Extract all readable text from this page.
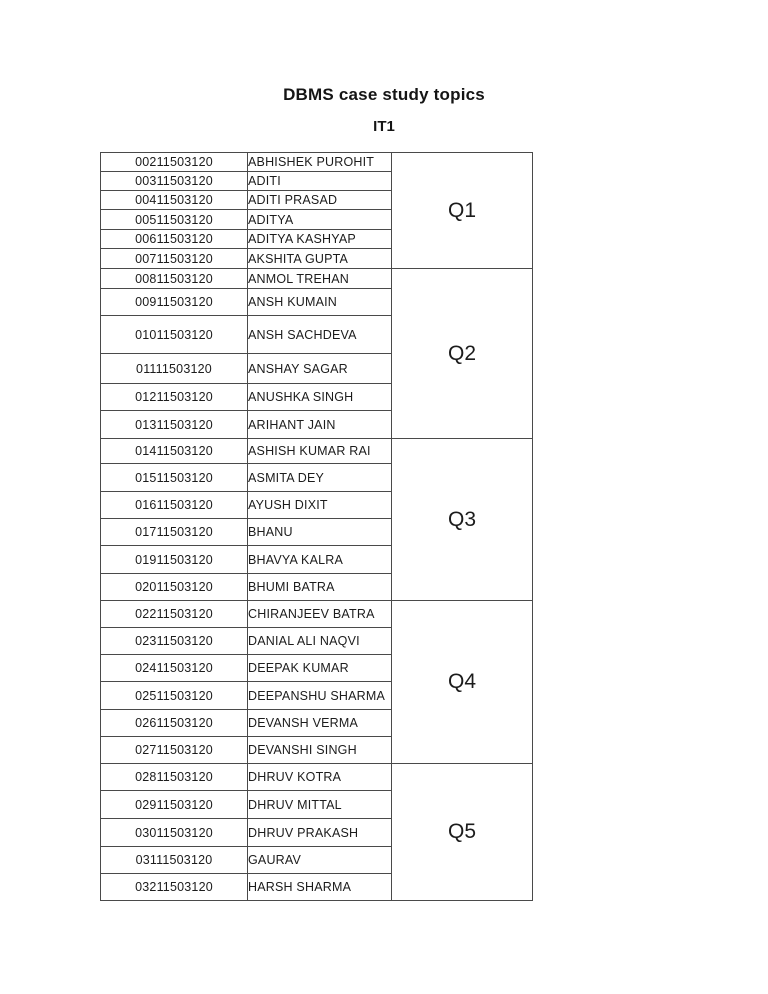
DBMS case study topics
IT1
00211503120	ABHISHEK PUROHIT	Q1
00311503120	ADITI	
00411503120	ADITI PRASAD	
00511503120	ADITYA	
00611503120	ADITYA KASHYAP	
00711503120	AKSHITA GUPTA	
00811503120	ANMOL TREHAN	Q2
00911503120	ANSH KUMAIN	
01011503120	ANSH SACHDEVA	
01111503120	ANSHAY SAGAR	
01211503120	ANUSHKA SINGH	
01311503120	ARIHANT JAIN	
01411503120	ASHISH KUMAR RAI	Q3
01511503120	ASMITA DEY	
01611503120	AYUSH DIXIT	
01711503120	BHANU	
01911503120	BHAVYA KALRA	
02011503120	BHUMI BATRA	
02211503120	CHIRANJEEV BATRA	Q4
02311503120	DANIAL ALI NAQVI	
02411503120	DEEPAK KUMAR	
02511503120	DEEPANSHU SHARMA	
02611503120	DEVANSH VERMA	
02711503120	DEVANSHI SINGH	
02811503120	DHRUV KOTRA	Q5
02911503120	DHRUV MITTAL	
03011503120	DHRUV PRAKASH	
03111503120	GAURAV	
03211503120	HARSH SHARMA	
